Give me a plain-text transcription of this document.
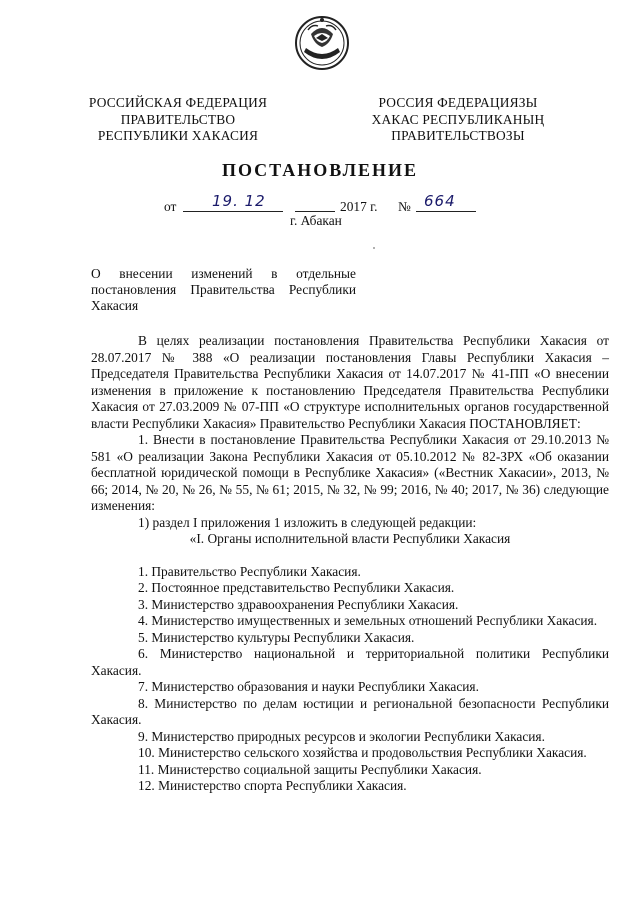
РОССИЙСКАЯ ФЕДЕРАЦИЯ
ПРАВИТЕЛЬСТВО
РЕСПУБЛИКИ ХАКАСИЯ
РОССИЯ ФЕДЕРАЦИЯЗЫ
ХАКАС РЕСПУБЛИКАНЫҢ
ПРАВИТЕЛЬСТВОЗЫ
ПОСТАНОВЛЕНИЕ
от 19. 12	2017 г. № 664
г. Абакан
О внесении изменений в отдельные постановления Правительства Республики Хакасия

В целях реализации постановления Правительства Республики Хакасия от 28.07.2017 № 388 «О реализации постановления Главы Республики Хакасия – Председателя Правительства Республики Хакасия от 14.07.2017 № 41-ПП «О внесении изменения в приложение к постановлению Председателя Правительства Республики Хакасия от 27.03.2009 № 07-ПП «О структуре исполнительных органов государственной власти Республики Хакасия» Правительство Республики Хакасия ПОСТАНОВЛЯЕТ:

1. Внести в постановление Правительства Республики Хакасия от 29.10.2013 № 581 «О реализации Закона Республики Хакасия от 05.10.2012 № 82-ЗРХ «Об оказании бесплатной юридической помощи в Республике Хакасия» («Вестник Хакасии», 2013, № 66; 2014, № 20, № 26, № 55, № 61; 2015, № 32, № 99; 2016, № 40; 2017, № 36) следующие изменения:

1) раздел I приложения 1 изложить в следующей редакции:

«I. Органы исполнительной власти Республики Хакасия

1. Правительство Республики Хакасия.

2. Постоянное представительство Республики Хакасия.

3. Министерство здравоохранения Республики Хакасия.

4. Министерство имущественных и земельных отношений Республики Хакасия.

5. Министерство культуры Республики Хакасия.

6. Министерство национальной и территориальной политики Республики Хакасия.

7. Министерство образования и науки Республики Хакасия.

8. Министерство по делам юстиции и региональной безопасности Республики Хакасия.

9. Министерство природных ресурсов и экологии Республики Хакасия.

10. Министерство сельского хозяйства и продовольствия Республики Хакасия.

11. Министерство социальной защиты Республики Хакасия.

12. Министерство спорта Республики Хакасия.
